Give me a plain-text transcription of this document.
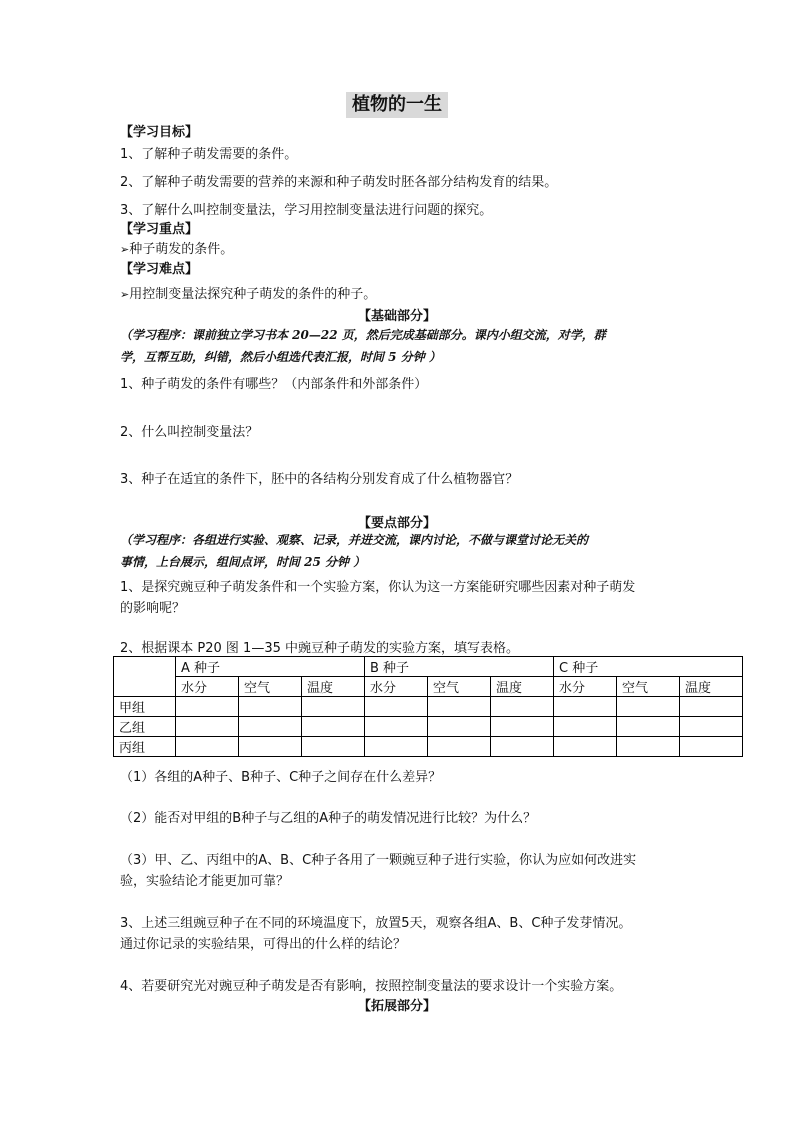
植物的一生
【学习目标】
1、了解种子萌发需要的条件。
2、了解种子萌发需要的营养的来源和种子萌发时胚各部分结构发育的结果。
3、了解什么叫控制变量法，学习用控制变量法进行问题的探究。
【学习重点】
➢种子萌发的条件。
【学习难点】
➢用控制变量法探究种子萌发的条件的种子。
【基础部分】
（学习程序：课前独立学习书本 20—22 页，然后完成基础部分。课内小组交流，对学，群
学，互帮互助，纠错，然后小组选代表汇报，时间 5 分钟 ）
1、种子萌发的条件有哪些？（内部条件和外部条件）
2、什么叫控制变量法？
3、种子在适宜的条件下，胚中的各结构分别发育成了什么植物器官？
【要点部分】
（学习程序：各组进行实验、观察、记录，并进交流，课内讨论，不做与课堂讨论无关的
事情，上台展示，组间点评，时间 25 分钟 ）
1、是探究豌豆种子萌发条件和一个实验方案，你认为这一方案能研究哪些因素对种子萌发
的影响呢？
2、根据课本 P20 图 1—35 中豌豆种子萌发的实验方案，填写表格。
	A 种子			B 种子			C 种子		
	水分	空气	温度	水分	空气	温度	水分	空气	温度
甲组									
乙组									
丙组									
（1）各组的A种子、B种子、C种子之间存在什么差异？
（2）能否对甲组的B种子与乙组的A种子的萌发情况进行比较？为什么？
（3）甲、乙、丙组中的A、B、C种子各用了一颗豌豆种子进行实验，你认为应如何改进实
验，实验结论才能更加可靠？
3、上述三组豌豆种子在不同的环境温度下，放置5天，观察各组A、B、C种子发芽情况。
通过你记录的实验结果，可得出的什么样的结论？
4、若要研究光对豌豆种子萌发是否有影响，按照控制变量法的要求设计一个实验方案。
【拓展部分】
